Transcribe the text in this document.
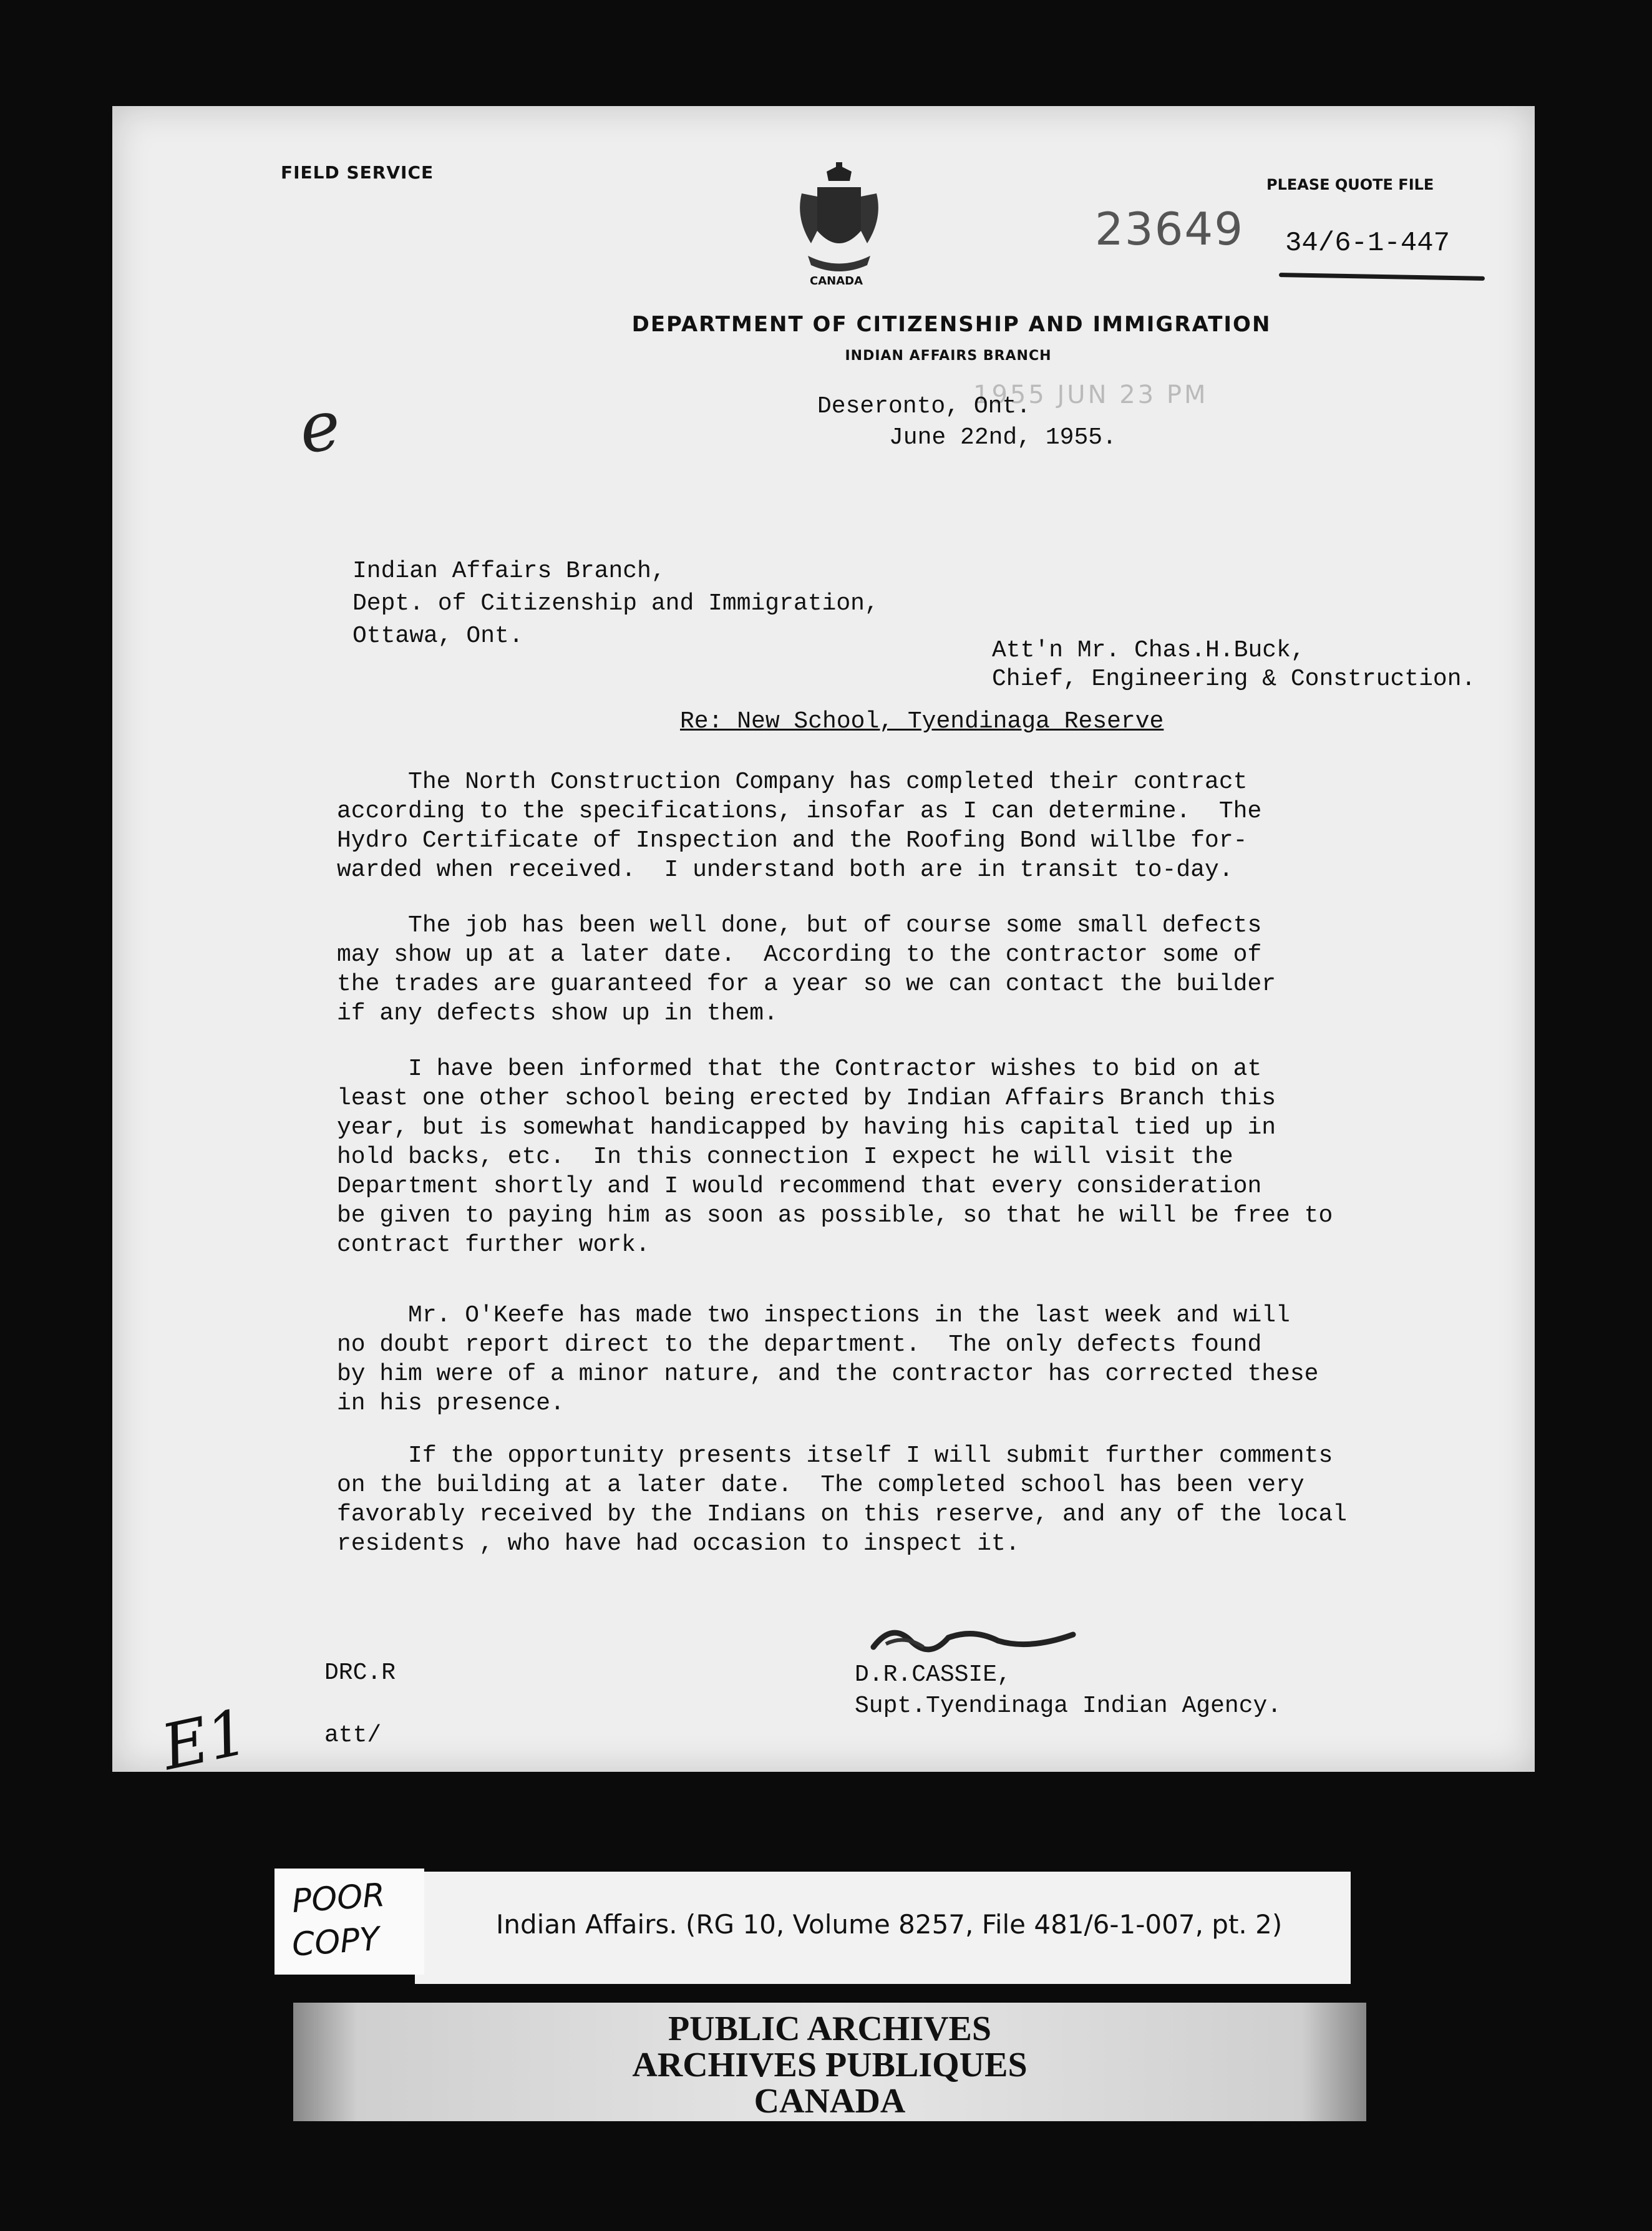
FIELD SERVICE
CANADA
23649
PLEASE QUOTE FILE
34/6-1-447
DEPARTMENT OF CITIZENSHIP AND IMMIGRATION
INDIAN AFFAIRS BRANCH
e	1955 JUN 23 PM
Deseronto, Ont.
June 22nd, 1955.
Indian Affairs Branch,
Dept. of Citizenship and Immigration,
Ottawa, Ont.
Att'n Mr. Chas.H.Buck,
Chief, Engineering & Construction.
Re: New School, Tyendinaga Reserve

The North Construction Company has completed their contract
according to the specifications, insofar as I can determine.  The
Hydro Certificate of Inspection and the Roofing Bond willbe for-
warded when received.  I understand both are in transit to-day.

The job has been well done, but of course some small defects
may show up at a later date.  According to the contractor some of
the trades are guaranteed for a year so we can contact the builder
if any defects show up in them.

I have been informed that the Contractor wishes to bid on at
least one other school being erected by Indian Affairs Branch this
year, but is somewhat handicapped by having his capital tied up in
hold backs, etc.  In this connection I expect he will visit the
Department shortly and I would recommend that every consideration
be given to paying him as soon as possible, so that he will be free to
contract further work.

Mr. O'Keefe has made two inspections in the last week and will
no doubt report direct to the department.  The only defects found
by him were of a minor nature, and the contractor has corrected these
in his presence.

If the opportunity presents itself I will submit further comments
on the building at a later date.  The completed school has been very
favorably received by the Indians on this reserve, and any of the local
residents , who have had occasion to inspect it.

D.R.CASSIE,
Supt.Tyendinaga Indian Agency.
DRC.R
att/
E1
Indian Affairs. (RG 10, Volume 8257, File 481/6-1-007, pt. 2)
POOR
COPY
PUBLIC ARCHIVES
ARCHIVES PUBLIQUES
CANADA
